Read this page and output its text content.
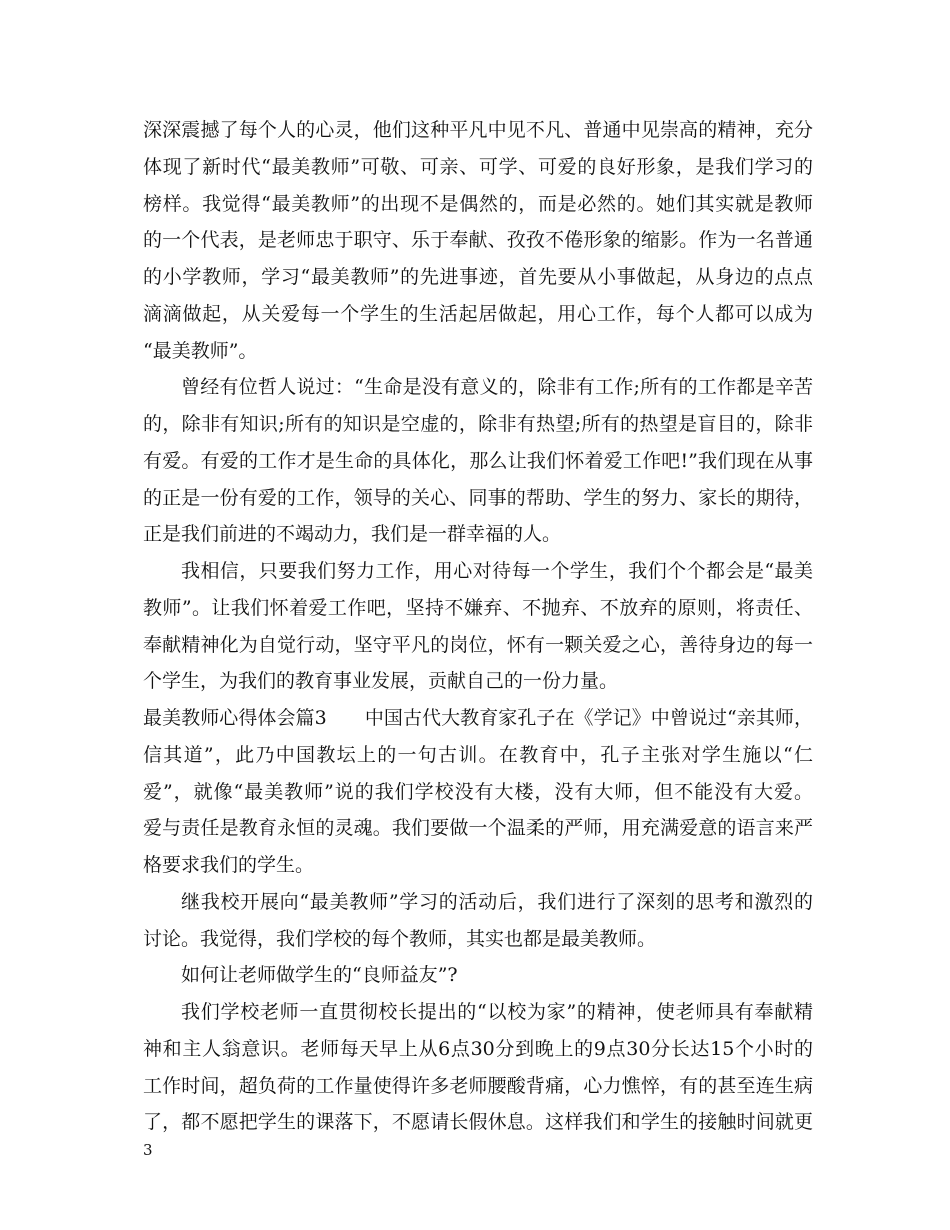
深深震撼了每个人的心灵，他们这种平凡中见不凡、普通中见崇高的精神，充分
体现了新时代“最美教师”可敬、可亲、可学、可爱的良好形象，是我们学习的
榜样。我觉得“最美教师”的出现不是偶然的，而是必然的。她们其实就是教师
的一个代表，是老师忠于职守、乐于奉献、孜孜不倦形象的缩影。作为一名普通
的小学教师，学习“最美教师”的先进事迹，首先要从小事做起，从身边的点点
滴滴做起，从关爱每一个学生的生活起居做起，用心工作，每个人都可以成为
“最美教师”。
曾经有位哲人说过：“生命是没有意义的，除非有工作;所有的工作都是辛苦
的，除非有知识;所有的知识是空虚的，除非有热望;所有的热望是盲目的，除非
有爱。有爱的工作才是生命的具体化，那么让我们怀着爱工作吧!”我们现在从事
的正是一份有爱的工作，领导的关心、同事的帮助、学生的努力、家长的期待，
正是我们前进的不竭动力，我们是一群幸福的人。
我相信，只要我们努力工作，用心对待每一个学生，我们个个都会是“最美
教师”。让我们怀着爱工作吧，坚持不嫌弃、不抛弃、不放弃的原则，将责任、
奉献精神化为自觉行动，坚守平凡的岗位，怀有一颗关爱之心，善待身边的每一
个学生，为我们的教育事业发展，贡献自己的一份力量。
最美教师心得体会篇3　　中国古代大教育家孔子在《学记》中曾说过“亲其师，
信其道”，此乃中国教坛上的一句古训。在教育中，孔子主张对学生施以“仁
爱”，就像“最美教师”说的我们学校没有大楼，没有大师，但不能没有大爱。
爱与责任是教育永恒的灵魂。我们要做一个温柔的严师，用充满爱意的语言来严
格要求我们的学生。
继我校开展向“最美教师”学习的活动后，我们进行了深刻的思考和激烈的
讨论。我觉得，我们学校的每个教师，其实也都是最美教师。
如何让老师做学生的“良师益友”?
我们学校老师一直贯彻校长提出的“以校为家”的精神，使老师具有奉献精
神和主人翁意识。老师每天早上从6点30分到晚上的9点30分长达15个小时的
工作时间，超负荷的工作量使得许多老师腰酸背痛，心力憔悴，有的甚至连生病
了，都不愿把学生的课落下，不愿请长假休息。这样我们和学生的接触时间就更
3
